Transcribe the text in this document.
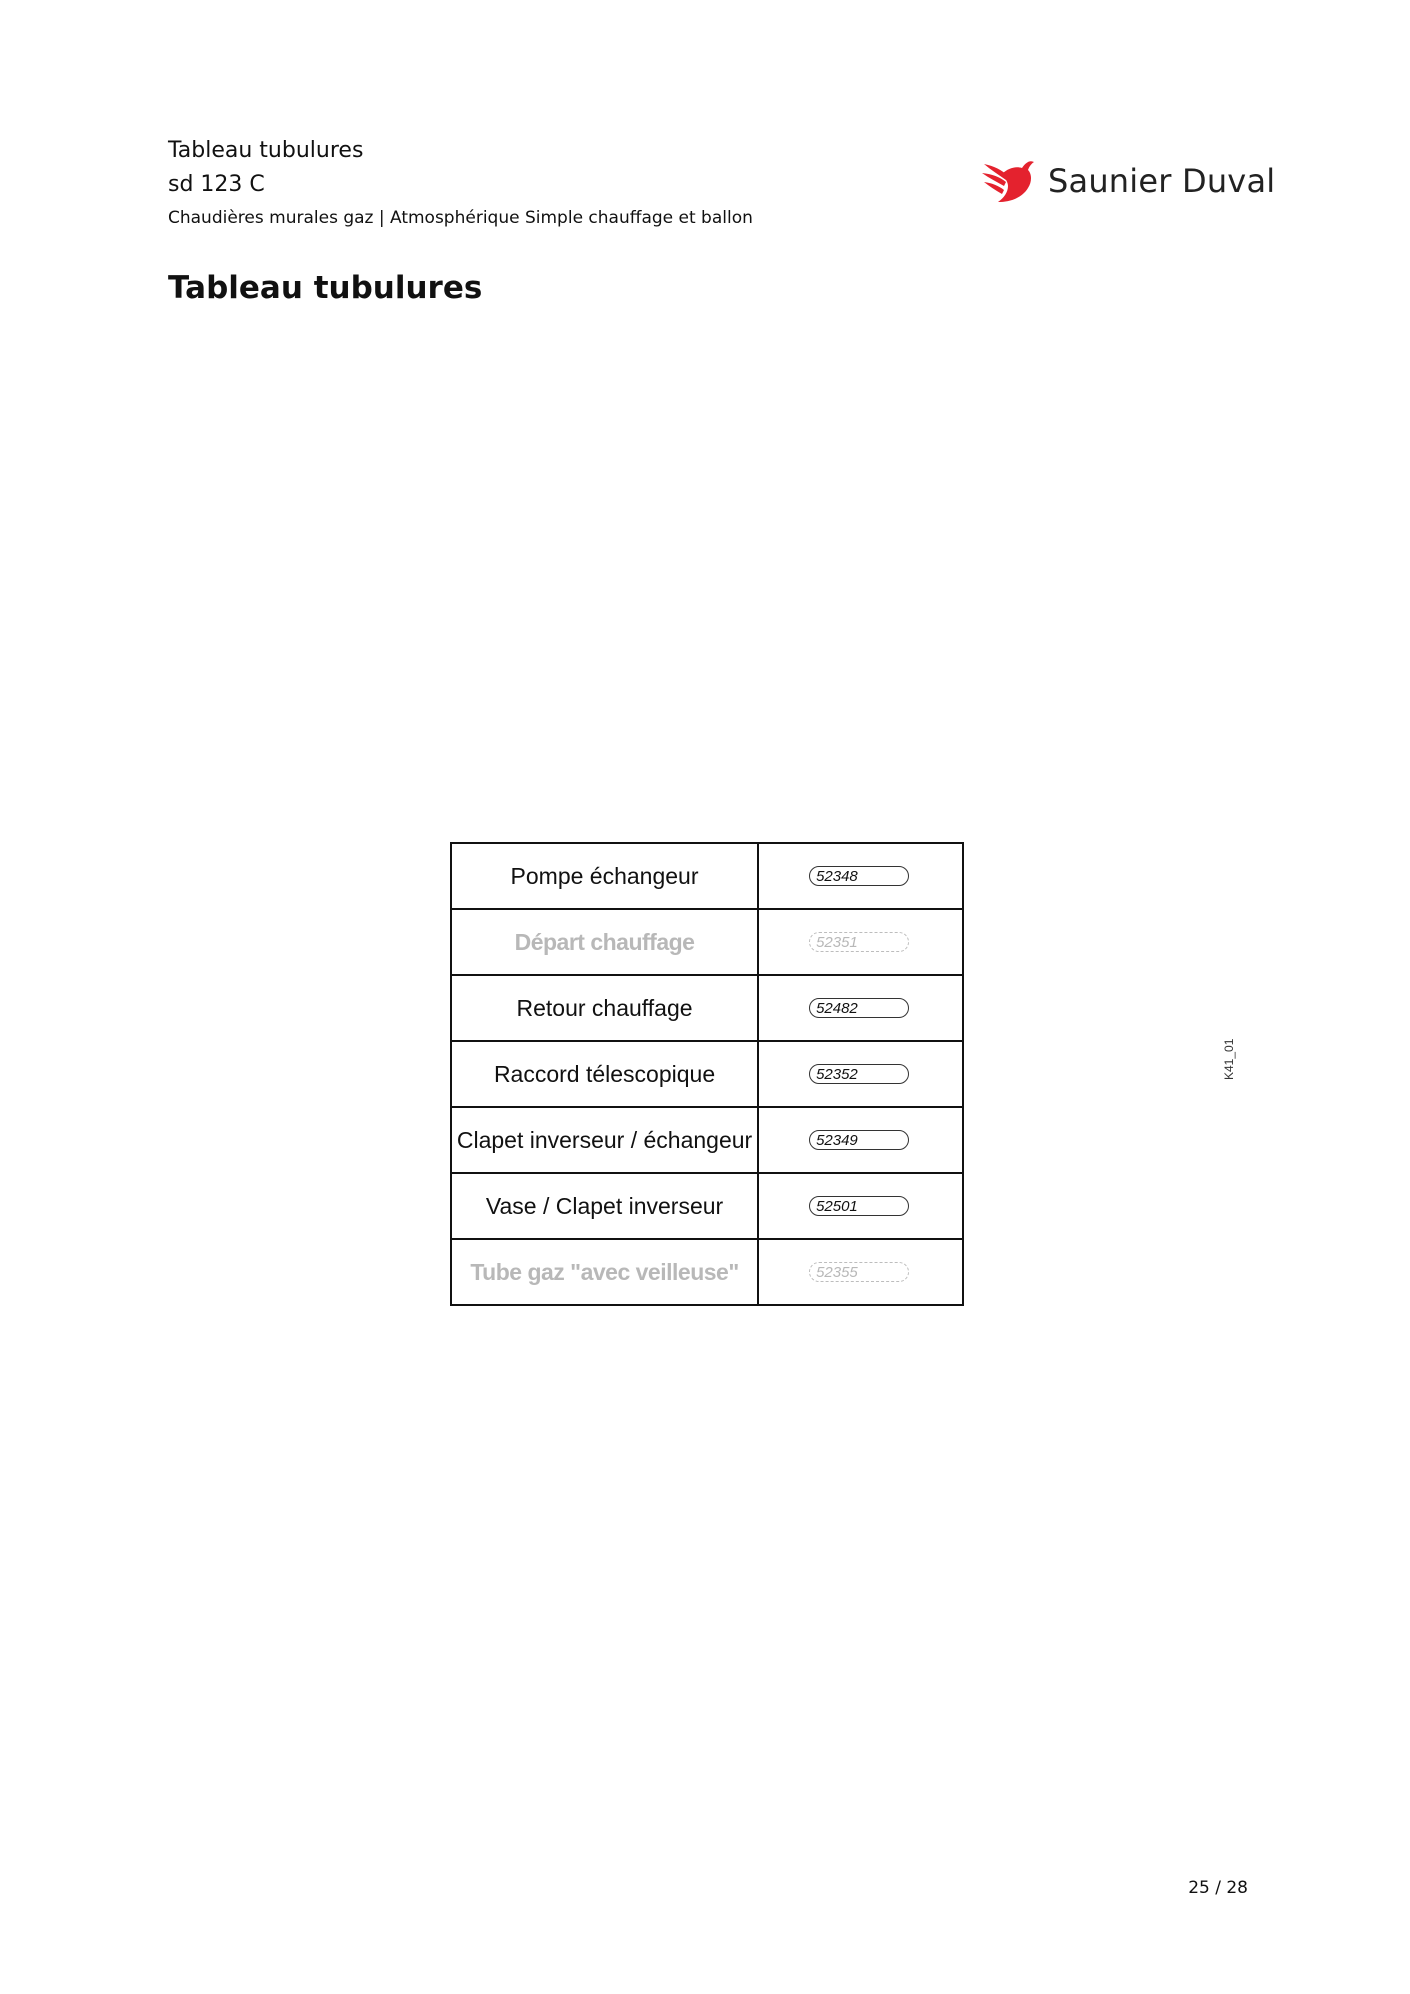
Tableau tubulures
sd 123 C
Chaudières murales gaz | Atmosphérique Simple chauffage et ballon
Saunier Duval
Tableau tubulures
Pompe échangeur	52348

Départ chauffage	52351

Retour chauffage	52482

Raccord télescopique	52352

Clapet inverseur / échangeur	52349

Vase / Clapet inverseur	52501

Tube gaz "avec veilleuse"	52355
K41_01
25 / 28
